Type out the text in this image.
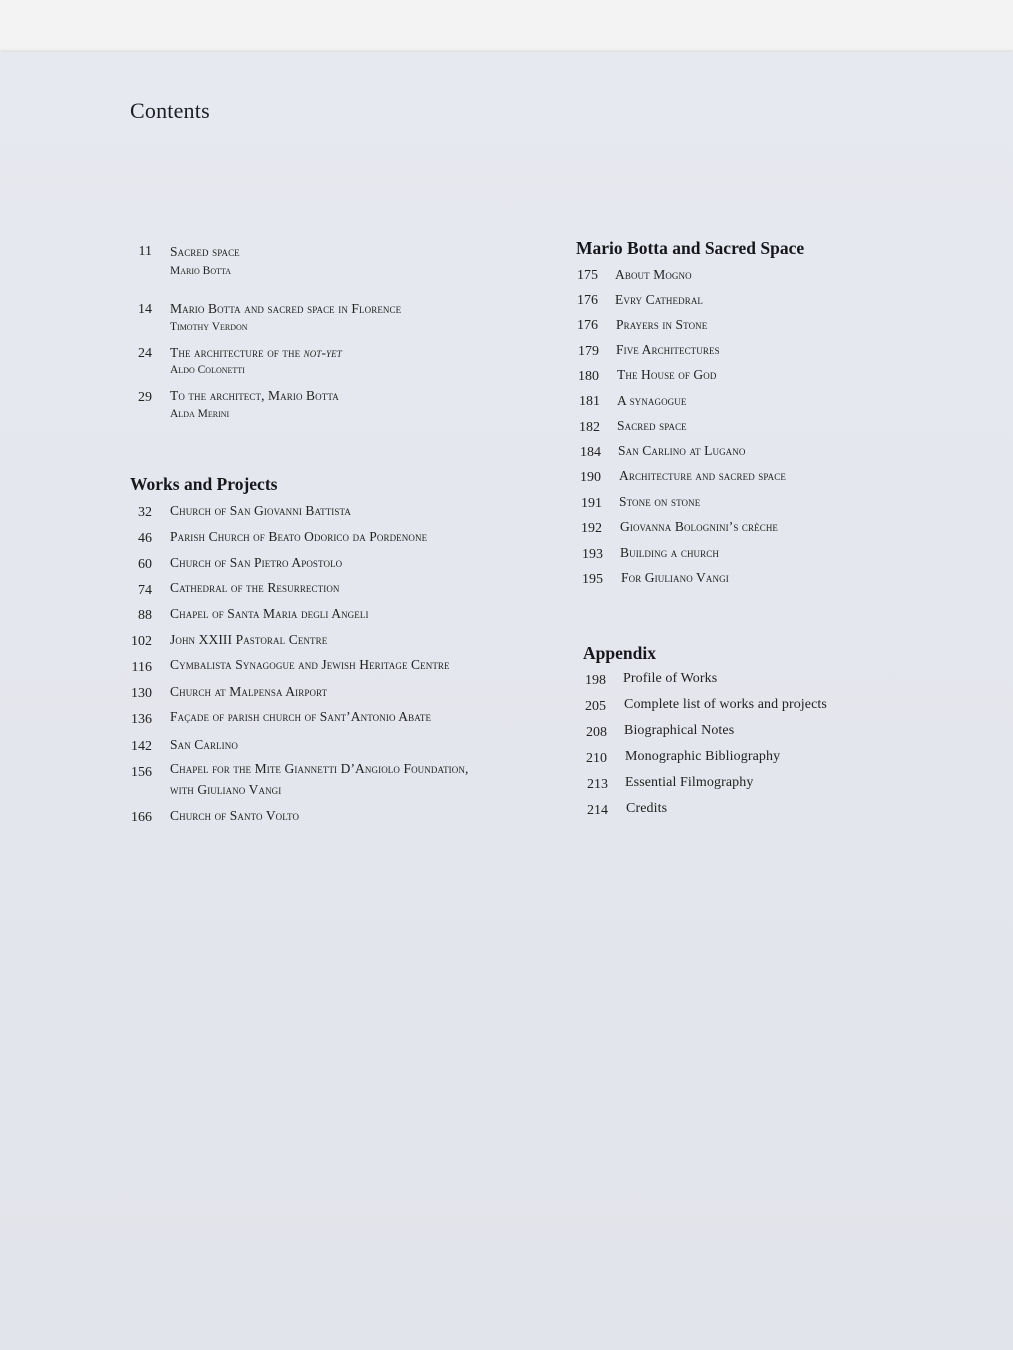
Contents
11 Sacred space
Mario Botta
14 Mario Botta and sacred space in Florence
Timothy Verdon
24 The architecture of the not-yet
Aldo Colonetti
29 To the architect, Mario Botta
Alda Merini
Works and Projects
32 Church of San Giovanni Battista
46 Parish Church of Beato Odorico da Pordenone
60 Church of San Pietro Apostolo
74 Cathedral of the Resurrection
88 Chapel of Santa Maria degli Angeli
102 John XXIII Pastoral Centre
116 Cymbalista Synagogue and Jewish Heritage Centre
130 Church at Malpensa Airport
136 Façade of parish church of Sant’Antonio Abate
142 San Carlino
156 Chapel for the Mite Giannetti D’Angiolo Foundation,
with Giuliano Vangi
166 Church of Santo Volto
Mario Botta and Sacred Space
175 About Mogno
176 Evry Cathedral
176 Prayers in Stone
179 Five Architectures
180 The House of God
181 A synagogue
182 Sacred space
184 San Carlino at Lugano
190 Architecture and sacred space
191 Stone on stone
192 Giovanna Bolognini’s crèche
193 Building a church
195 For Giuliano Vangi
Appendix
198 Profile of Works
205 Complete list of works and projects
208 Biographical Notes
210 Monographic Bibliography
213 Essential Filmography
214 Credits
